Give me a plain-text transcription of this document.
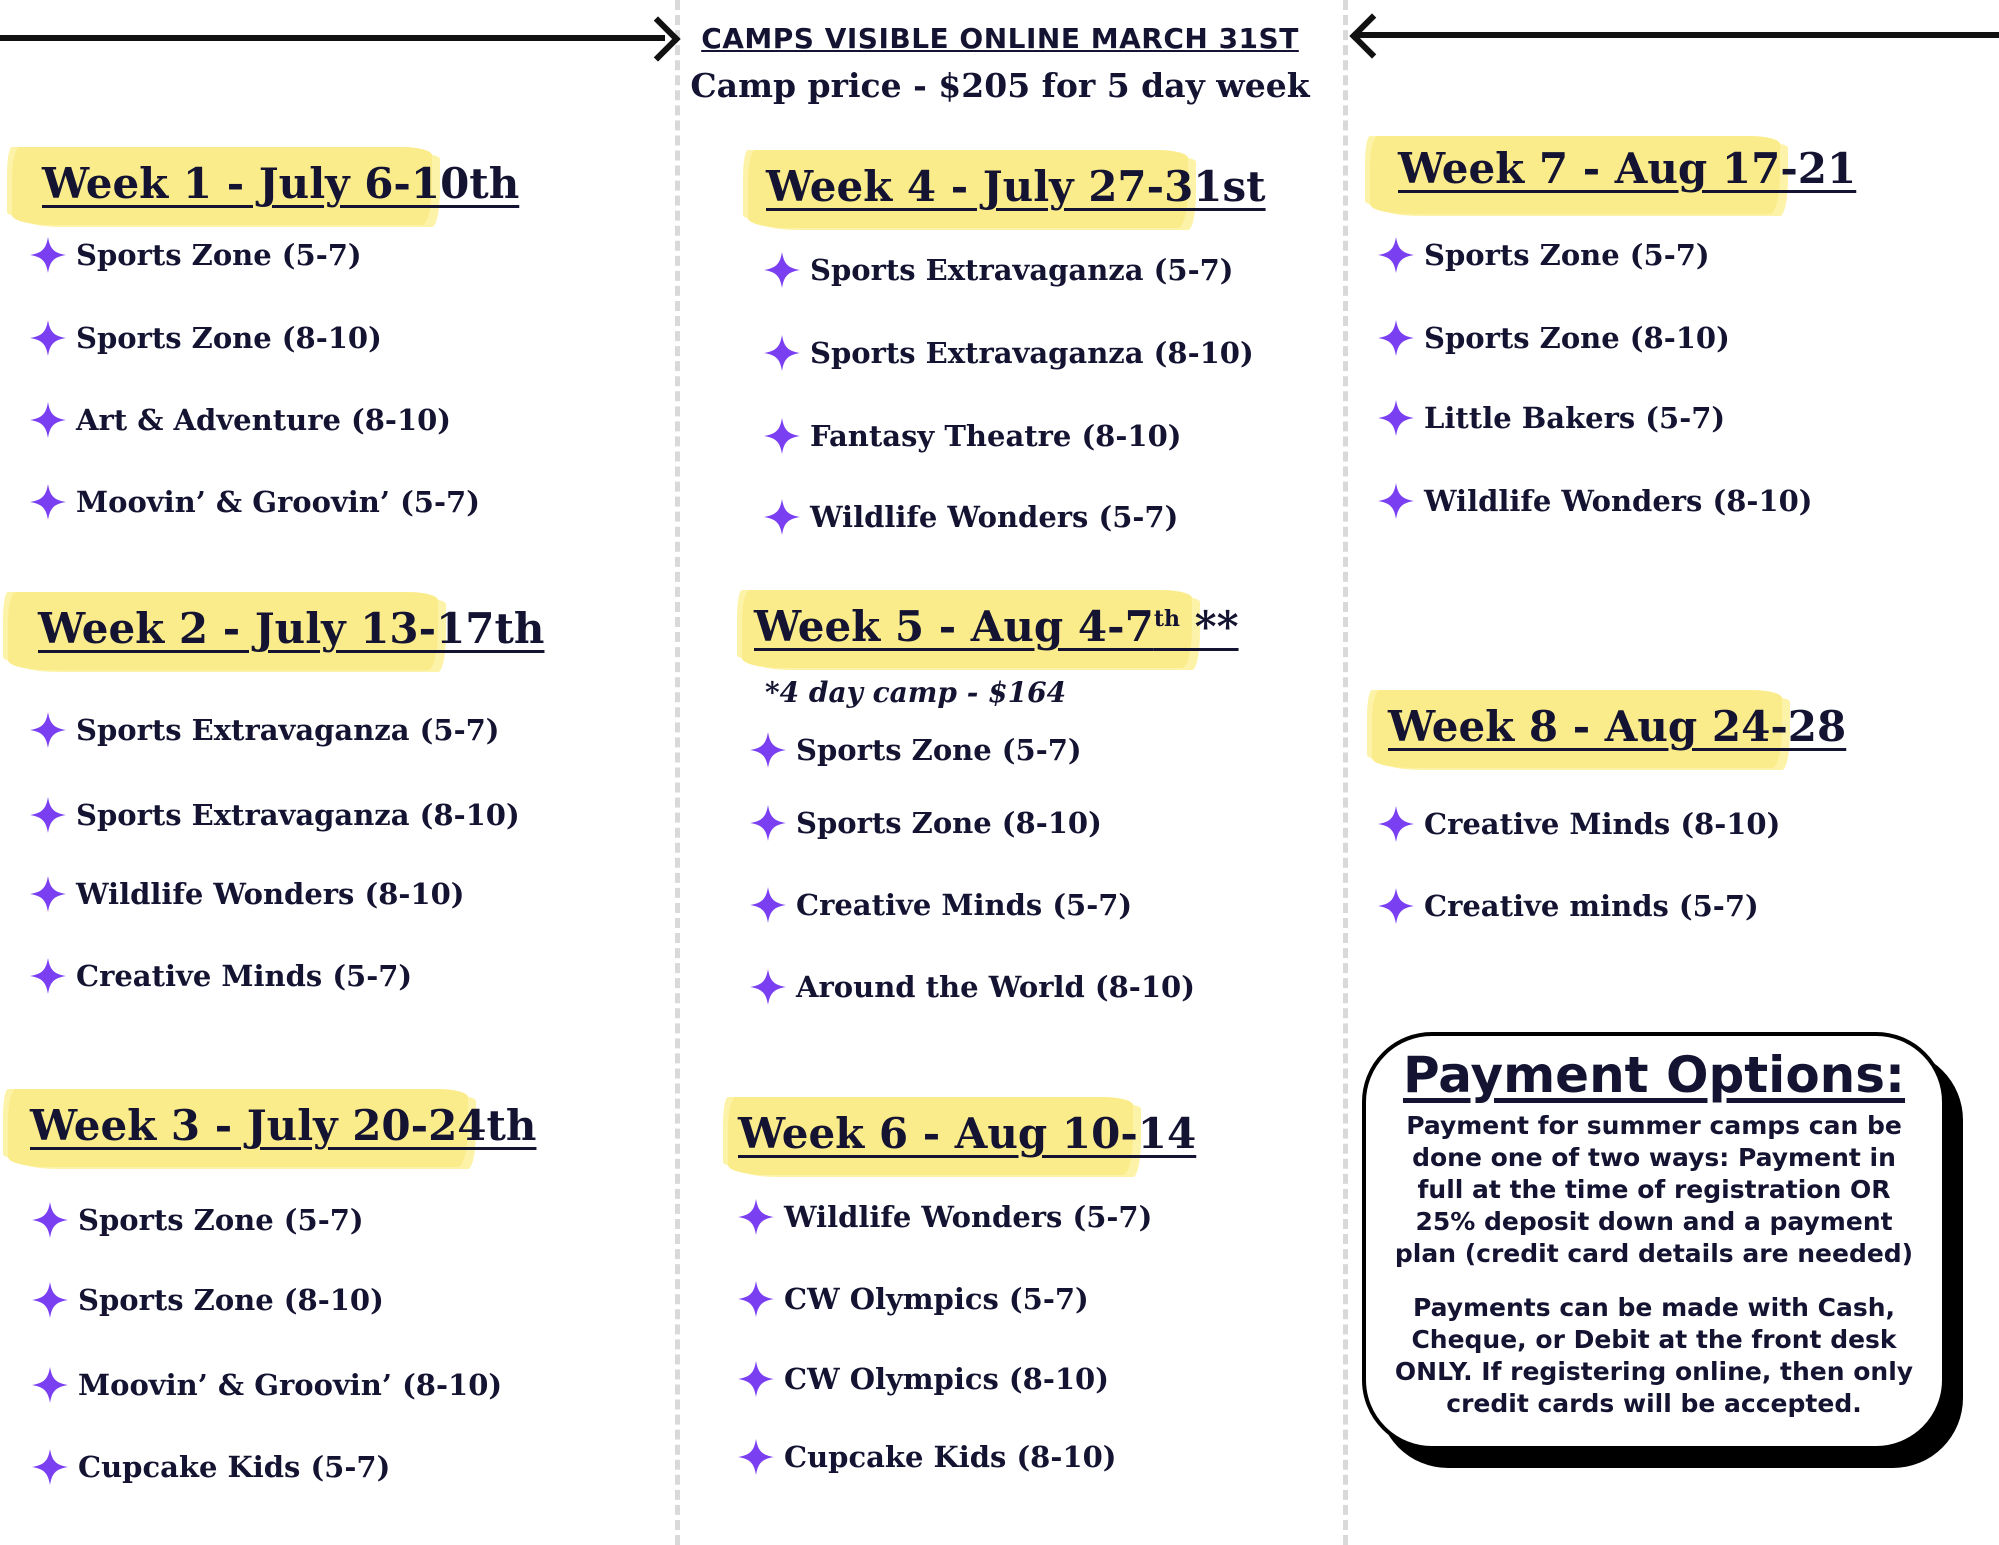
CAMPS VISIBLE ONLINE MARCH 31ST

Camp price - $205 for 5 day week

Week 1 - July 6-10th
Sports Zone (5-7)
Sports Zone (8-10)
Art & Adventure (8-10)
Moovin’ & Groovin’ (5-7)
Week 2 - July 13-17th
Sports Extravaganza (5-7)
Sports Extravaganza (8-10)
Wildlife Wonders (8-10)
Creative Minds (5-7)
Week 3 - July 20-24th
Sports Zone (5-7)
Sports Zone (8-10)
Moovin’ & Groovin’ (8-10)
Cupcake Kids (5-7)
Week 4 - July 27-31st
Sports Extravaganza (5-7)
Sports Extravaganza (8-10)
Fantasy Theatre (8-10)
Wildlife Wonders (5-7)
Week 5 - Aug 4-7th **

*4 day camp - $164

Sports Zone (5-7)
Sports Zone (8-10)
Creative Minds (5-7)
Around the World (8-10)
Week 6 - Aug 10-14
Wildlife Wonders (5-7)
CW Olympics (5-7)
CW Olympics (8-10)
Cupcake Kids (8-10)
Week 7 - Aug 17-21
Sports Zone (5-7)
Sports Zone (8-10)
Little Bakers (5-7)
Wildlife Wonders (8-10)
Week 8 - Aug 24-28
Creative Minds (8-10)
Creative minds (5-7)
Payment Options:

Payment for summer camps can be done one of two ways: Payment in full at the time of registration OR 25% deposit down and a payment plan (credit card details are needed)

Payments can be made with Cash, Cheque, or Debit at the front desk ONLY. If registering online, then only credit cards will be accepted.
